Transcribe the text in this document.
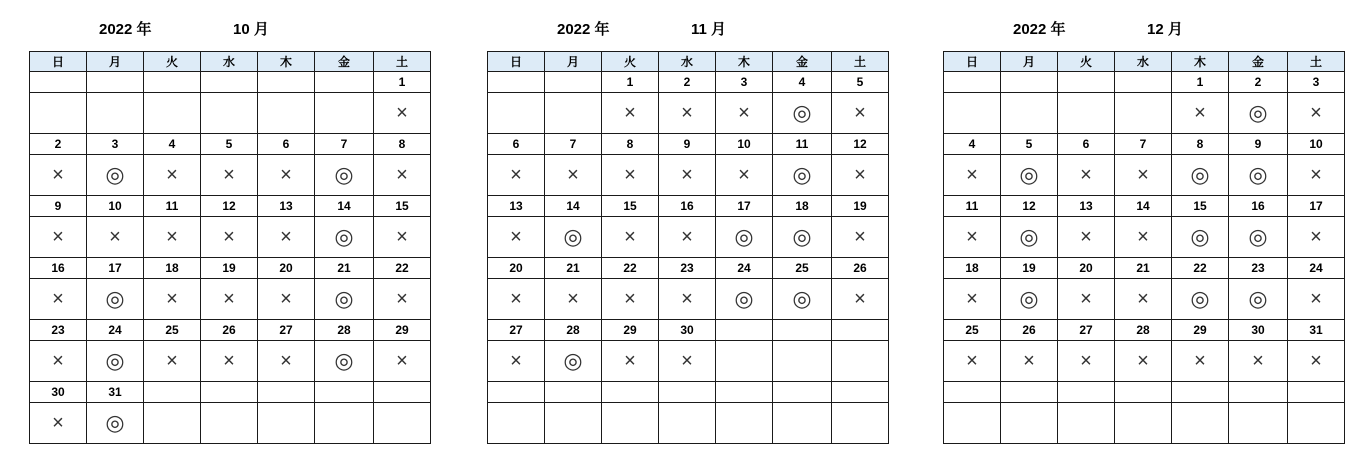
2022 年	10 月
日	月	火	水	木	金	土
						1
						×
2	3	4	5	6	7	8
×	◎	×	×	×	◎	×
9	10	11	12	13	14	15
×	×	×	×	×	◎	×
16	17	18	19	20	21	22
×	◎	×	×	×	◎	×
23	24	25	26	27	28	29
×	◎	×	×	×	◎	×
30	31					
×	◎					
2022 年	11 月
日	月	火	水	木	金	土
		1	2	3	4	5
		×	×	×	◎	×
6	7	8	9	10	11	12
×	×	×	×	×	◎	×
13	14	15	16	17	18	19
×	◎	×	×	◎	◎	×
20	21	22	23	24	25	26
×	×	×	×	◎	◎	×
27	28	29	30			
×	◎	×	×			

2022 年	12 月
日	月	火	水	木	金	土
				1	2	3
				×	◎	×
4	5	6	7	8	9	10
×	◎	×	×	◎	◎	×
11	12	13	14	15	16	17
×	◎	×	×	◎	◎	×
18	19	20	21	22	23	24
×	◎	×	×	◎	◎	×
25	26	27	28	29	30	31
×	×	×	×	×	×	×
